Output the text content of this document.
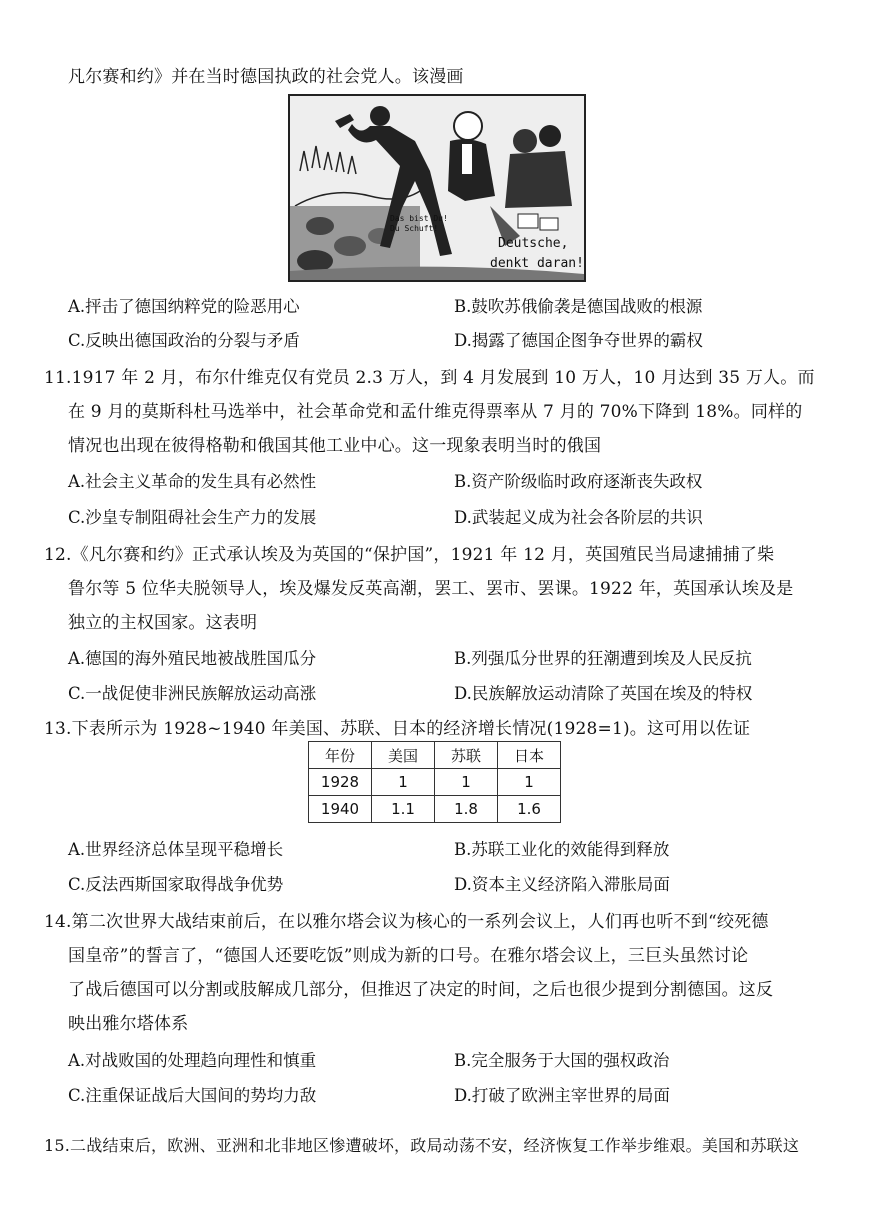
凡尔赛和约》并在当时德国执政的社会党人。该漫画
Das bist Du! Du Schuft!
Deutsche,
denkt daran!
A.抨击了德国纳粹党的险恶用心	B.鼓吹苏俄偷袭是德国战败的根源
C.反映出德国政治的分裂与矛盾	D.揭露了德国企图争夺世界的霸权
11.1917 年 2 月，布尔什维克仅有党员 2.3 万人，到 4 月发展到 10 万人，10 月达到 35 万人。而
在 9 月的莫斯科杜马选举中，社会革命党和孟什维克得票率从 7 月的 70%下降到 18%。同样的
情况也出现在彼得格勒和俄国其他工业中心。这一现象表明当时的俄国
A.社会主义革命的发生具有必然性	B.资产阶级临时政府逐渐丧失政权
C.沙皇专制阻碍社会生产力的发展	D.武装起义成为社会各阶层的共识
12.《凡尔赛和约》正式承认埃及为英国的“保护国”，1921 年 12 月，英国殖民当局逮捕捕了柴
鲁尔等 5 位华夫脱领导人，埃及爆发反英高潮，罢工、罢市、罢课。1922 年，英国承认埃及是
独立的主权国家。这表明
A.德国的海外殖民地被战胜国瓜分	B.列强瓜分世界的狂潮遭到埃及人民反抗
C.一战促使非洲民族解放运动高涨	D.民族解放运动清除了英国在埃及的特权
13.下表所示为 1928~1940 年美国、苏联、日本的经济增长情况(1928=1)。这可用以佐证
年份	美国	苏联	日本
1928	1	1	1
1940	1.1	1.8	1.6
A.世界经济总体呈现平稳增长	B.苏联工业化的效能得到释放
C.反法西斯国家取得战争优势	D.资本主义经济陷入滞胀局面
14.第二次世界大战结束前后，在以雅尔塔会议为核心的一系列会议上，人们再也听不到“绞死德
国皇帝”的誓言了，“德国人还要吃饭”则成为新的口号。在雅尔塔会议上，三巨头虽然讨论
了战后德国可以分割或肢解成几部分，但推迟了决定的时间，之后也很少提到分割德国。这反
映出雅尔塔体系
A.对战败国的处理趋向理性和慎重	B.完全服务于大国的强权政治
C.注重保证战后大国间的势均力敌	D.打破了欧洲主宰世界的局面
15.二战结束后，欧洲、亚洲和北非地区惨遭破坏，政局动荡不安，经济恢复工作举步维艰。美国和苏联这
